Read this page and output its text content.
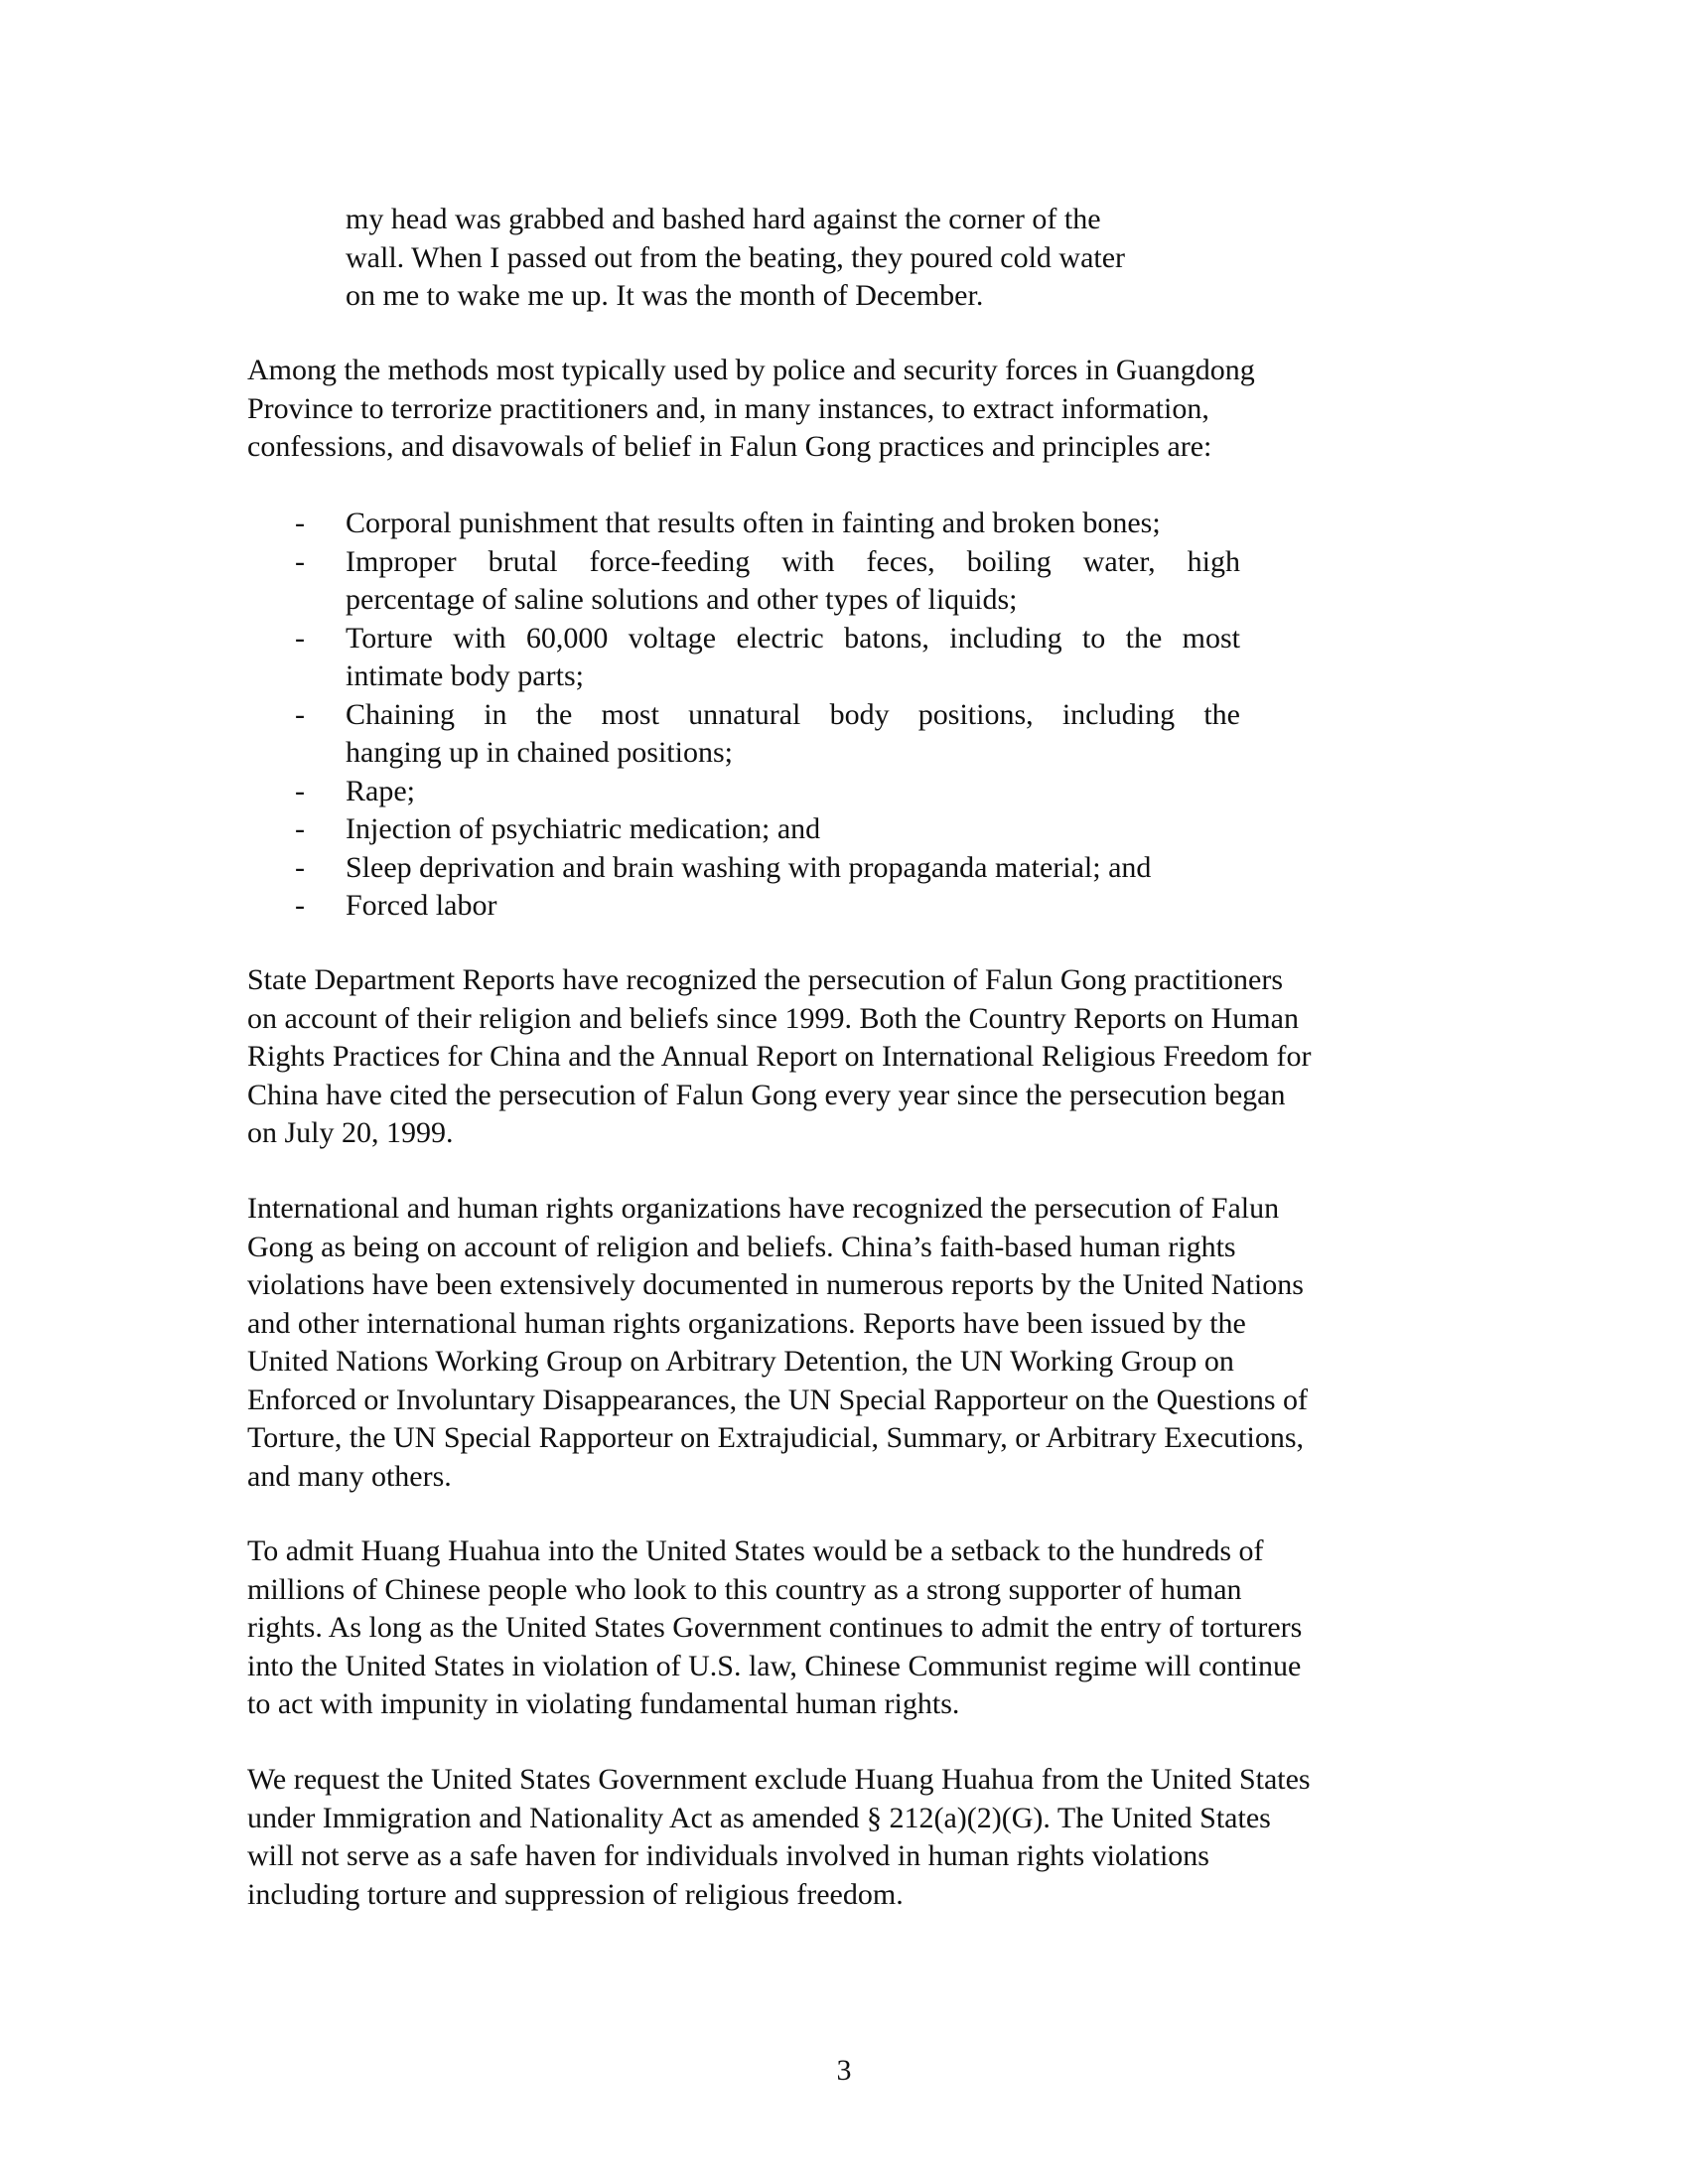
my head was grabbed and bashed hard against the corner of the
wall. When I passed out from the beating, they poured cold water
on me to wake me up. It was the month of December.
Among the methods most typically used by police and security forces in Guangdong
Province to terrorize practitioners and, in many instances, to extract information,
confessions, and disavowals of belief in Falun Gong practices and principles are:
- Corporal punishment that results often in fainting and broken bones;
- Improper brutal force-feeding with feces, boiling water, high
percentage of saline solutions and other types of liquids;
- Torture with 60,000 voltage electric batons, including to the most
intimate body parts;
- Chaining in the most unnatural body positions, including the
hanging up in chained positions;
- Rape;
- Injection of psychiatric medication; and
- Sleep deprivation and brain washing with propaganda material; and
- Forced labor
State Department Reports have recognized the persecution of Falun Gong practitioners
on account of their religion and beliefs since 1999. Both the Country Reports on Human
Rights Practices for China and the Annual Report on International Religious Freedom for
China have cited the persecution of Falun Gong every year since the persecution began
on July 20, 1999.
International and human rights organizations have recognized the persecution of Falun
Gong as being on account of religion and beliefs. China’s faith-based human rights
violations have been extensively documented in numerous reports by the United Nations
and other international human rights organizations. Reports have been issued by the
United Nations Working Group on Arbitrary Detention, the UN Working Group on
Enforced or Involuntary Disappearances, the UN Special Rapporteur on the Questions of
Torture, the UN Special Rapporteur on Extrajudicial, Summary, or Arbitrary Executions,
and many others.
To admit Huang Huahua into the United States would be a setback to the hundreds of
millions of Chinese people who look to this country as a strong supporter of human
rights. As long as the United States Government continues to admit the entry of torturers
into the United States in violation of U.S. law, Chinese Communist regime will continue
to act with impunity in violating fundamental human rights.
We request the United States Government exclude Huang Huahua from the United States
under Immigration and Nationality Act as amended § 212(a)(2)(G). The United States
will not serve as a safe haven for individuals involved in human rights violations
including torture and suppression of religious freedom.
3
